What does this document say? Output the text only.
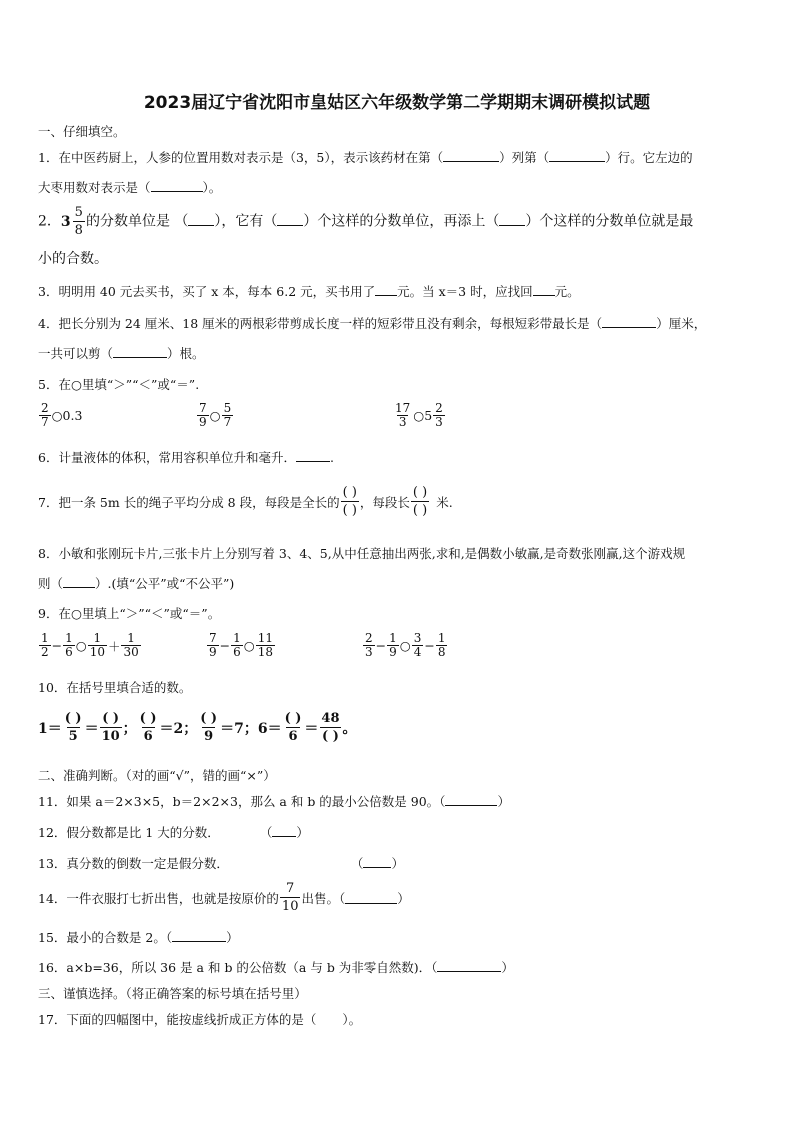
2023届辽宁省沈阳市皇姑区六年级数学第二学期期末调研模拟试题
一、仔细填空。
1．在中医药厨上，人参的位置用数对表示是（3，5），表示该药材在第（	）列第（	）行。它左边的
大枣用数对表示是（	）。
2． $3 \frac{5}{8}$ 的分数单位是 （ ），它有（ ）个这样的分数单位，再添上（ ）个这样的分数单位就是最
小的合数。
3．明明用 40 元去买书，买了 x 本，每本 6.2 元，买书用了 元。当 x＝3 时，应找回 元。
4．把长分别为 24 厘米、18 厘米的两根彩带剪成长度一样的短彩带且没有剩余，每根短彩带最长是（	）厘米，
一共可以剪（	）根。
5．在○里填“＞”“＜”或“＝”.
$\frac{2}{7}$ ○0.3	$\frac{7}{9}$ ○ $\frac{5}{7}$	$\frac{17}{3}$ ○5 $\frac{2}{3}$
6．计量液体的体积，常用容积单位升和毫升．	.
7．把一条 5m 长的绳子平均分成 8 段，每段是全长的 $\frac{( )}{( )}$ ，每段长 $\frac{( )}{( )}$ 米.
8．小敏和张刚玩卡片,三张卡片上分别写着 3、4、5,从中任意抽出两张,求和,是偶数小敏赢,是奇数张刚赢,这个游戏规
则（	）.(填“公平”或“不公平”)
9．在○里填上“＞”“＜”或“＝”。
$\frac{1}{2} - \frac{1}{6}$ ○ $\frac{1}{10} + \frac{1}{30}$	$\frac{7}{9} - \frac{1}{6}$ ○ $\frac{11}{18}$	$\frac{2}{3} - \frac{1}{9}$ ○ $\frac{3}{4} - \frac{1}{8}$
10．在括号里填合适的数。
$1= \frac{( )}{5} = \frac{( )}{10}$ ； $\frac{( )}{6} =2$； $\frac{( )}{9} =7$； $6= \frac{( )}{6} = \frac{48}{( )}$ 。
二、准确判断。（对的画“√”，错的画“×”）
11．如果 a＝2×3×5，b＝2×2×3，那么 a 和 b 的最小公倍数是 90。（	）
12．假分数都是比 1 大的分数．	（ ）
13．真分数的倒数一定是假分数．	（ ）
14．一件衣服打七折出售，也就是按原价的 $\frac{7}{10}$ 出售。（	）
15．最小的合数是 2。（	）
16．a×b=36，所以 36 是 a 和 b 的公倍数（a 与 b 为非零自然数)．（	）
三、谨慎选择。（将正确答案的标号填在括号里）
17．下面的四幅图中，能按虚线折成正方体的是（ ）。
